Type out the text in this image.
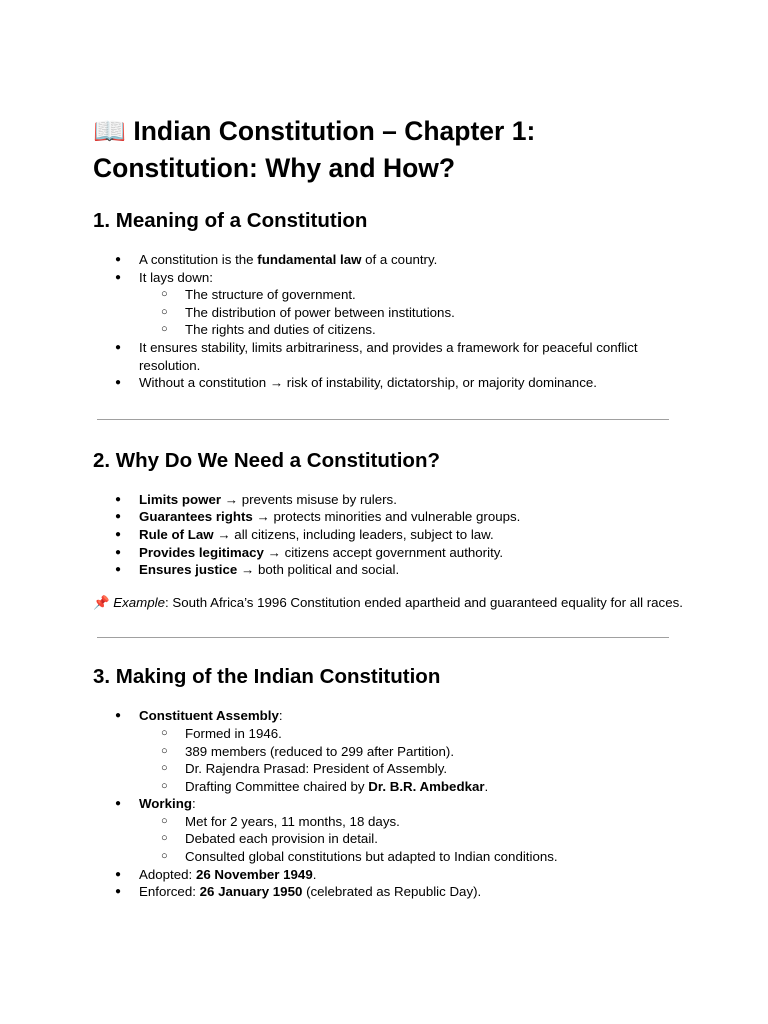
📖 Indian Constitution – Chapter 1:
Constitution: Why and How?
1. Meaning of a Constitution
● A constitution is the fundamental law of a country.
● It lays down:
○ The structure of government.
○ The distribution of power between institutions.
○ The rights and duties of citizens.
● It ensures stability, limits arbitrariness, and provides a framework for peaceful conflict resolution.
● Without a constitution → risk of instability, dictatorship, or majority dominance.
2. Why Do We Need a Constitution?
● Limits power → prevents misuse by rulers.
● Guarantees rights → protects minorities and vulnerable groups.
● Rule of Law → all citizens, including leaders, subject to law.
● Provides legitimacy → citizens accept government authority.
● Ensures justice → both political and social.

📌 Example: South Africa’s 1996 Constitution ended apartheid and guaranteed equality for all races.

3. Making of the Indian Constitution
● Constituent Assembly:
○ Formed in 1946.
○ 389 members (reduced to 299 after Partition).
○ Dr. Rajendra Prasad: President of Assembly.
○ Drafting Committee chaired by Dr. B.R. Ambedkar.
● Working:
○ Met for 2 years, 11 months, 18 days.
○ Debated each provision in detail.
○ Consulted global constitutions but adapted to Indian conditions.
● Adopted: 26 November 1949.
● Enforced: 26 January 1950 (celebrated as Republic Day).
